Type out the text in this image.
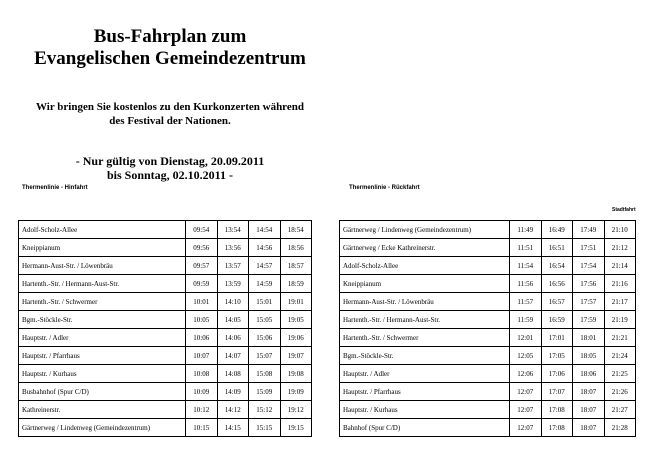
Bus-Fahrplan zum
Evangelischen Gemeindezentrum
Wir bringen Sie kostenlos zu den Kurkonzerten während
des Festival der Nationen.
- Nur gültig von Dienstag, 20.09.2011
bis Sonntag, 02.10.2011 -
Thermenlinie - Hinfahrt	Thermenlinie - Rückfahrt
Stadtfahrt
Adolf-Scholz-Allee	09:54	13:54	14:54	18:54
Kneippianum	09:56	13:56	14:56	18:56
Hermann-Aust-Str. / Löwenbräu	09:57	13:57	14:57	18:57
Hartenth.-Str. / Hermann-Aust-Str.	09:59	13:59	14:59	18:59
Hartenth.-Str. / Schwermer	10:01	14:10	15:01	19:01
Bgm.-Stöckle-Str.	10:05	14:05	15:05	19:05
Hauptstr. / Adler	10:06	14:06	15:06	19:06
Hauptstr. / Pfarrhaus	10:07	14:07	15:07	19:07
Hauptstr. / Kurhaus	10:08	14:08	15:08	19:08
Busbahnhof (Spur C/D)	10:09	14:09	15:09	19:09
Kathreinerstr.	10:12	14:12	15:12	19:12
Gärtnerweg / Lindenweg (Gemeindezentrum)	10:15	14:15	15:15	19:15
Gärtnerweg / Lindenweg (Gemeindezentrum)	11:49	16:49	17:49	21:10
Gärtnerweg / Ecke Kathreinerstr.	11:51	16:51	17:51	21:12
Adolf-Scholz-Allee	11:54	16:54	17:54	21:14
Kneippianum	11:56	16:56	17:56	21:16
Hermann-Aust-Str. / Löwenbräu	11:57	16:57	17:57	21:17
Hartenth.-Str. / Hermann-Aust-Str.	11:59	16:59	17:59	21:19
Hartenth.-Str. / Schwermer	12:01	17:01	18:01	21:21
Bgm.-Stöckle-Str.	12:05	17:05	18:05	21:24
Hauptstr. / Adler	12:06	17:06	18:06	21:25
Hauptstr. / Pfarrhaus	12:07	17:07	18:07	21:26
Hauptstr. / Kurhaus	12:07	17:08	18:07	21:27
Bahnhof (Spur C/D)	12:07	17:08	18:07	21:28
